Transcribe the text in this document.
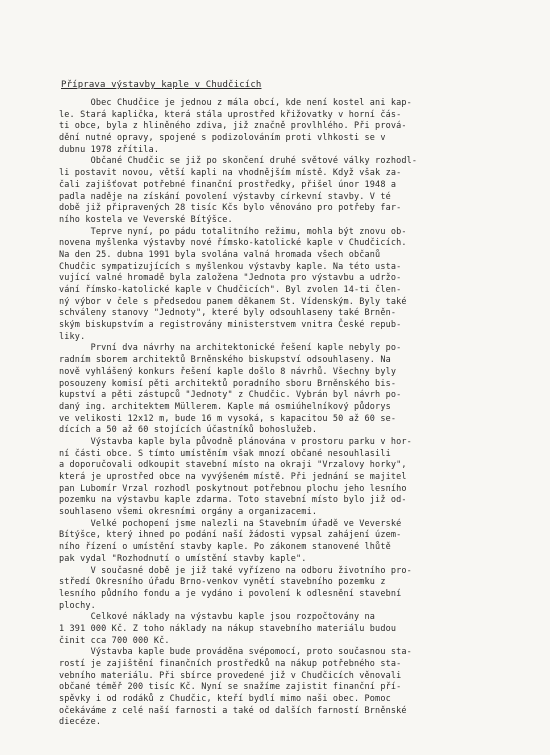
Příprava výstavby kaple v Chudčicích
Obec Chudčice je jednou z mála obcí, kde není kostel ani kap-
le. Stará kaplička, která stála uprostřed křižovatky v horní čás-
ti obce, byla z hliněného zdiva, již značně provlhlého. Při prová-
dění nutné opravy, spojené s podizolováním proti vlhkosti se v
dubnu 1978 zřítila.
Občané Chudčic se již po skončení druhé světové války rozhodl-
li postavit novou, větší kapli na vhodnějším místě. Když však za-
čali zajišťovat potřebné finanční prostředky, přišel únor 1948 a
padla naděje na získání povolení výstavby církevní stavby. V té
době již připravených 28 tisíc Kčs bylo věnováno pro potřeby far-
ního kostela ve Veverské Bítýšce.
Teprve nyní, po pádu totalitního režimu, mohla být znovu ob-
novena myšlenka výstavby nové římsko-katolické kaple v Chudčicích.
Na den 25. dubna 1991 byla svolána valná hromada všech občanů
Chudčic sympatizujících s myšlenkou výstavby kaple. Na této usta-
vující valné hromadě byla založena "Jednota pro výstavbu a udržo-
vání římsko-katolické kaple v Chudčicích". Byl zvolen 14-ti člen-
ný výbor v čele s předsedou panem děkanem St. Vídenským. Byly také
schváleny stanovy "Jednoty", které byly odsouhlaseny také Brněn-
ským biskupstvím a registrovány ministerstvem vnitra České repub-
liky.
První dva návrhy na architektonické řešení kaple nebyly po-
radním sborem architektů Brněnského biskupství odsouhlaseny. Na
nově vyhlášený konkurs řešení kaple došlo 8 návrhů. Všechny byly
posouzeny komisí pěti architektů poradního sboru Brněnského bis-
kupství a pěti zástupců "Jednoty" z Chudčic. Vybrán byl návrh po-
daný ing. architektem Müllerem. Kaple má osmiúhelníkový půdorys
ve velikosti 12x12 m, bude 16 m vysoká, s kapacitou 50 až 60 se-
dících a 50 až 60 stojících účastníků bohoslužeb.
Výstavba kaple byla původně plánována v prostoru parku v hor-
ní části obce. S tímto umístěním však mnozí občané nesouhlasili
a doporučovali odkoupit stavební místo na okraji "Vrzalovy horky",
která je uprostřed obce na vyvýšeném místě. Při jednání se majitel
pan Lubomír Vrzal rozhodl poskytnout potřebnou plochu jeho lesního
pozemku na výstavbu kaple zdarma. Toto stavební místo bylo již od-
souhlaseno všemi okresními orgány a organizacemi.
Velké pochopení jsme nalezli na Stavebním úřadě ve Veverské
Bítýšce, který ihned po podání naší žádosti vypsal zahájení územ-
ního řízení o umístění stavby kaple. Po zákonem stanovené lhůtě
pak vydal "Rozhodnutí o umístění stavby kaple".
V současné době je již také vyřízeno na odboru životního pro-
středí Okresního úřadu Brno-venkov vynětí stavebního pozemku z
lesního půdního fondu a je vydáno i povolení k odlesnění stavební
plochy.
Celkové náklady na výstavbu kaple jsou rozpočtovány na
1 391 000 Kč. Z toho náklady na nákup stavebního materiálu budou
činit cca 700 000 Kč.
Výstavba kaple bude prováděna svépomocí, proto současnou sta-
rostí je zajištění finančních prostředků na nákup potřebného sta-
vebního materiálu. Při sbírce provedené již v Chudčicích věnovali
občané téměř 200 tisíc Kč. Nyní se snažíme zajistit finanční pří-
spěvky i od rodáků z Chudčic, kteří bydlí mimo naši obec. Pomoc
očekáváme z celé naší farnosti a také od dalších farností Brněnské
diecéze.
